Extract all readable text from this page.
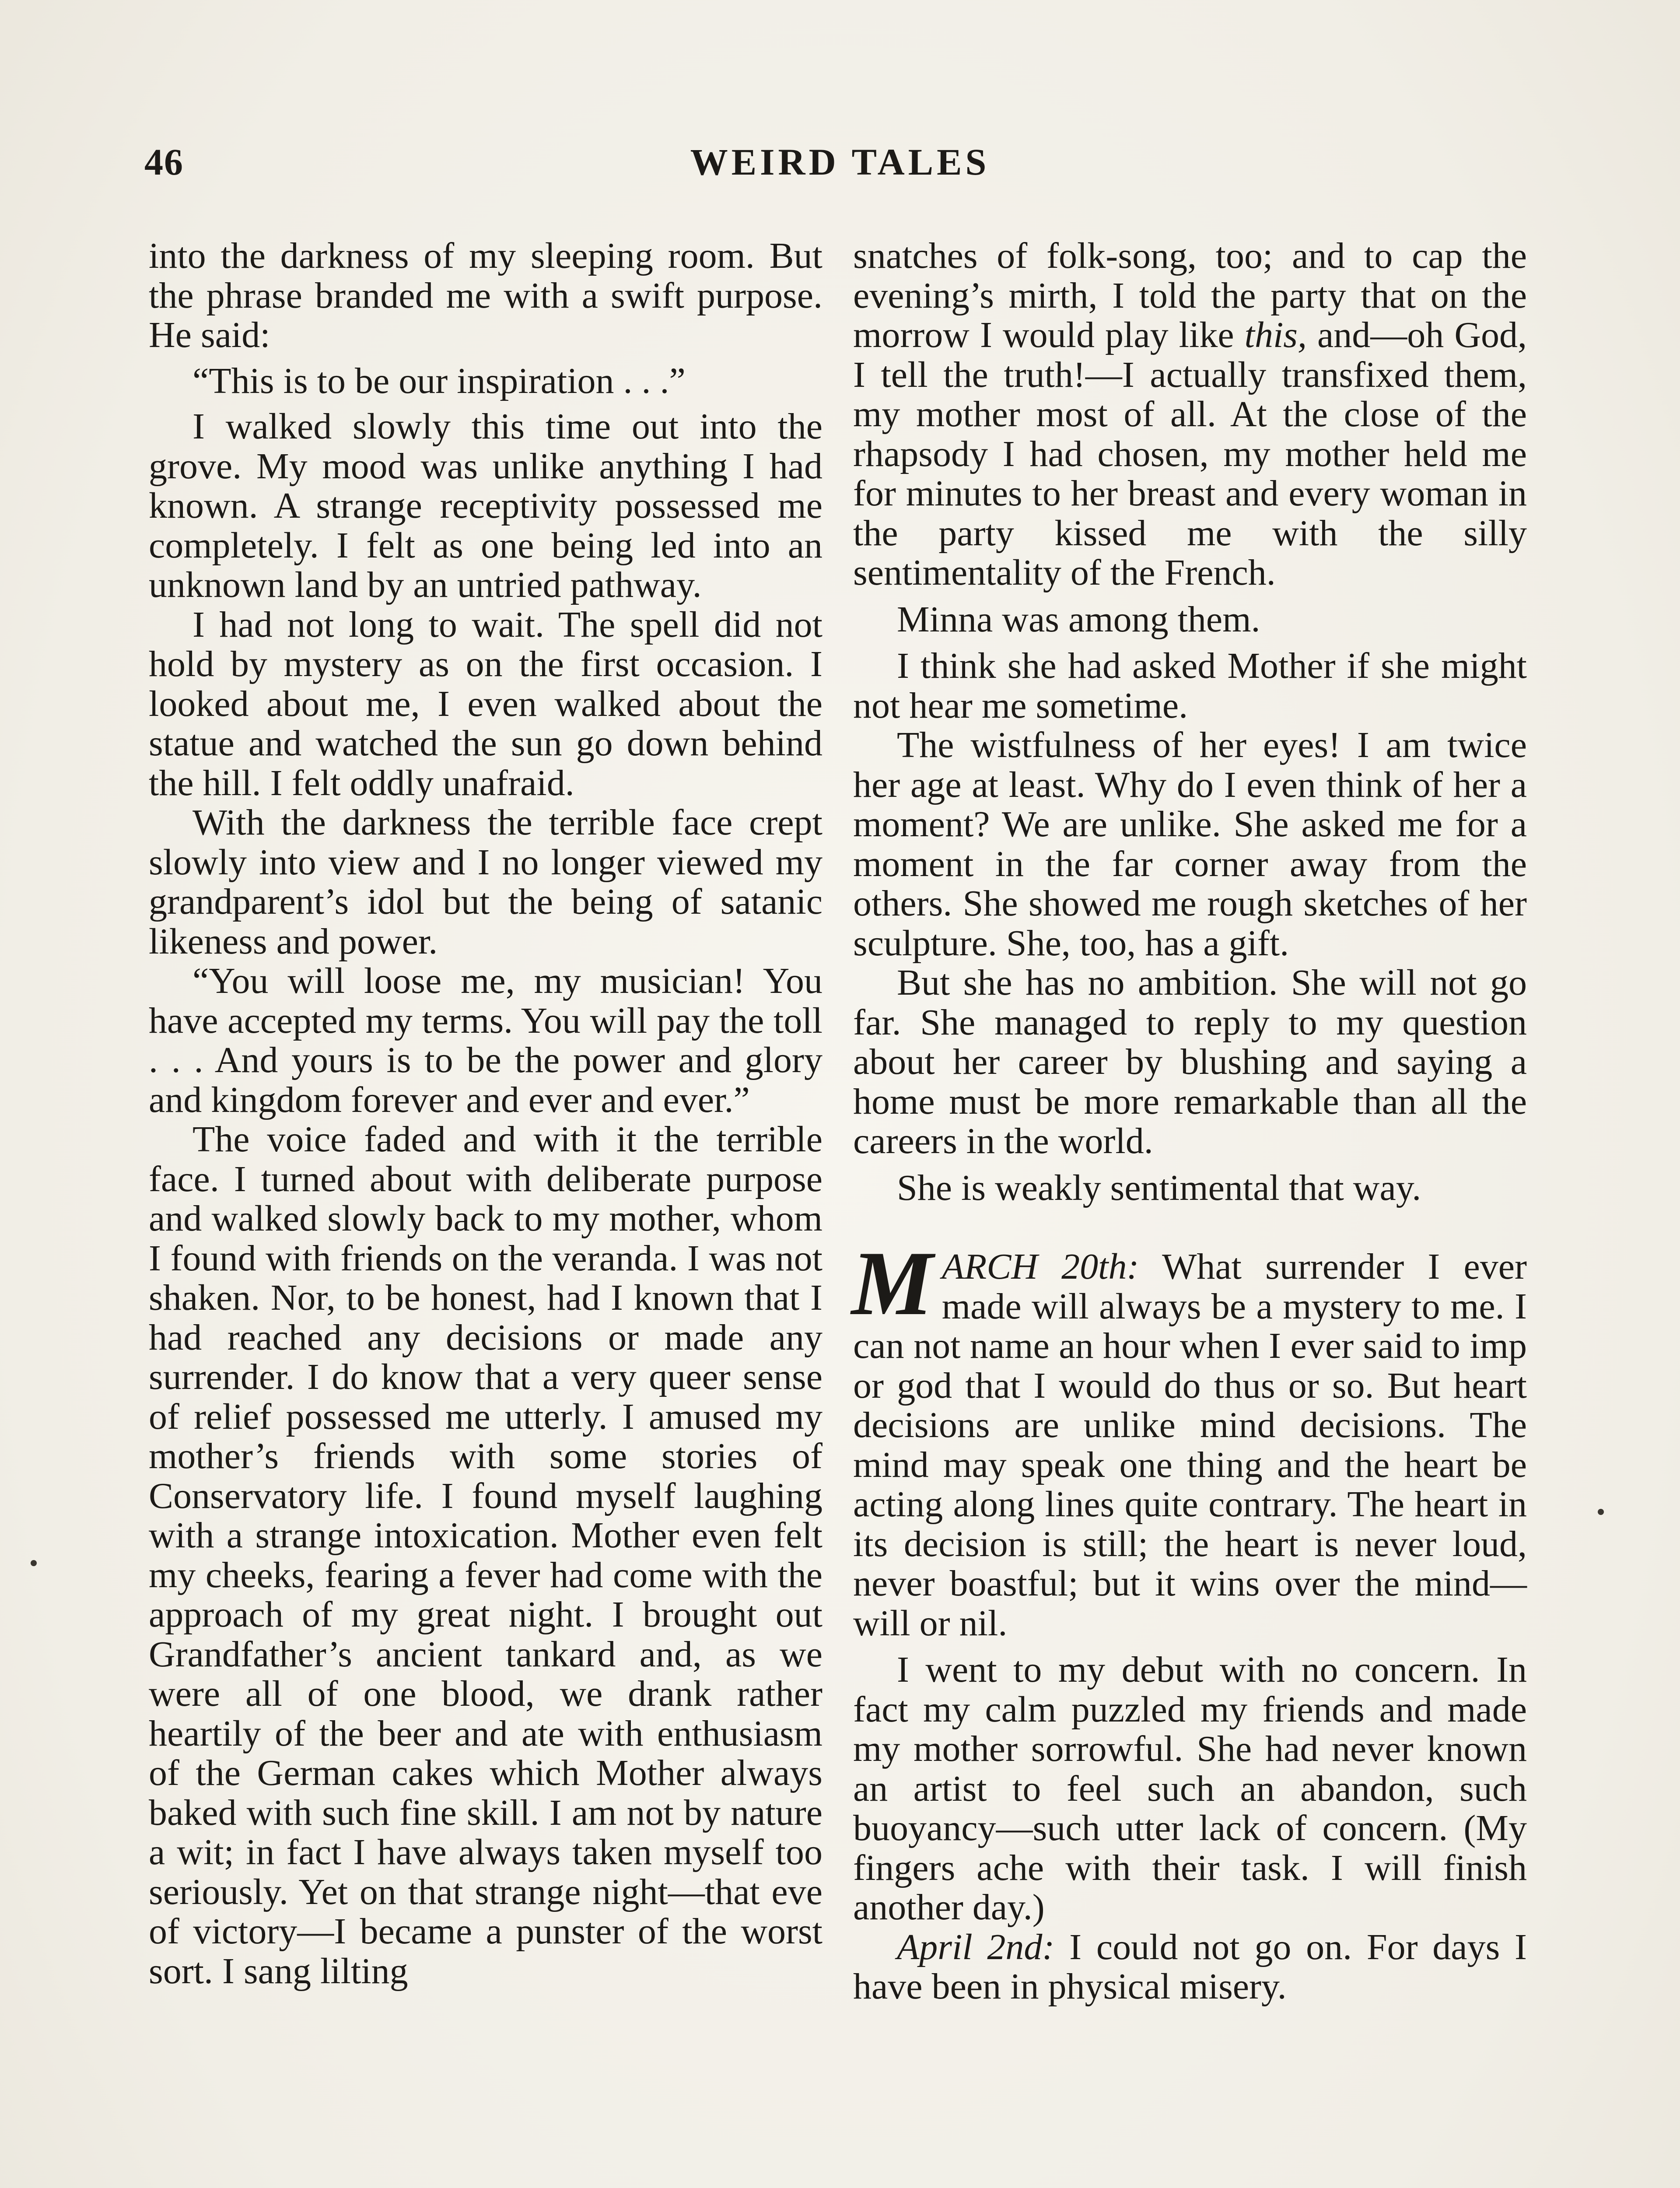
46	WEIRD TALES

into the darkness of my sleeping room. But the phrase branded me with a swift purpose. He said:

“This is to be our inspiration . . .”

I walked slowly this time out into the grove. My mood was unlike anything I had known. A strange receptivity possessed me completely. I felt as one being led into an unknown land by an untried pathway.

I had not long to wait. The spell did not hold by mystery as on the first occasion. I looked about me, I even walked about the statue and watched the sun go down behind the hill. I felt oddly unafraid.

With the darkness the terrible face crept slowly into view and I no longer viewed my grandparent’s idol but the being of satanic likeness and power.

“You will loose me, my musician! You have accepted my terms. You will pay the toll . . . And yours is to be the power and glory and kingdom forever and ever and ever.”

The voice faded and with it the terrible face. I turned about with deliberate purpose and walked slowly back to my mother, whom I found with friends on the veranda. I was not shaken. Nor, to be honest, had I known that I had reached any decisions or made any surrender. I do know that a very queer sense of relief possessed me utterly. I amused my mother’s friends with some stories of Conservatory life. I found myself laughing with a strange intoxication. Mother even felt my cheeks, fearing a fever had come with the approach of my great night. I brought out Grandfather’s ancient tankard and, as we were all of one blood, we drank rather heartily of the beer and ate with enthusiasm of the German cakes which Mother always baked with such fine skill. I am not by nature a wit; in fact I have always taken myself too seriously. Yet on that strange night—that eve of victory—I became a punster of the worst sort. I sang lilting

snatches of folk-song, too; and to cap the evening’s mirth, I told the party that on the morrow I would play like this, and—oh God, I tell the truth!—I actually transfixed them, my mother most of all. At the close of the rhapsody I had chosen, my mother held me for minutes to her breast and every woman in the party kissed me with the silly sentimentality of the French.

Minna was among them.

I think she had asked Mother if she might not hear me sometime.

The wistfulness of her eyes! I am twice her age at least. Why do I even think of her a moment? We are unlike. She asked me for a moment in the far corner away from the others. She showed me rough sketches of her sculpture. She, too, has a gift.

But she has no ambition. She will not go far. She managed to reply to my question about her career by blushing and saying a home must be more remarkable than all the careers in the world.

She is weakly sentimental that way.

MARCH 20th: What surrender I ever made will always be a mystery to me. I can not name an hour when I ever said to imp or god that I would do thus or so. But heart decisions are unlike mind decisions. The mind may speak one thing and the heart be acting along lines quite contrary. The heart in its decision is still; the heart is never loud, never boastful; but it wins over the mind—will or nil.

I went to my debut with no concern. In fact my calm puzzled my friends and made my mother sorrowful. She had never known an artist to feel such an abandon, such buoyancy—such utter lack of concern. (My fingers ache with their task. I will finish another day.)

April 2nd: I could not go on. For days I have been in physical misery.
